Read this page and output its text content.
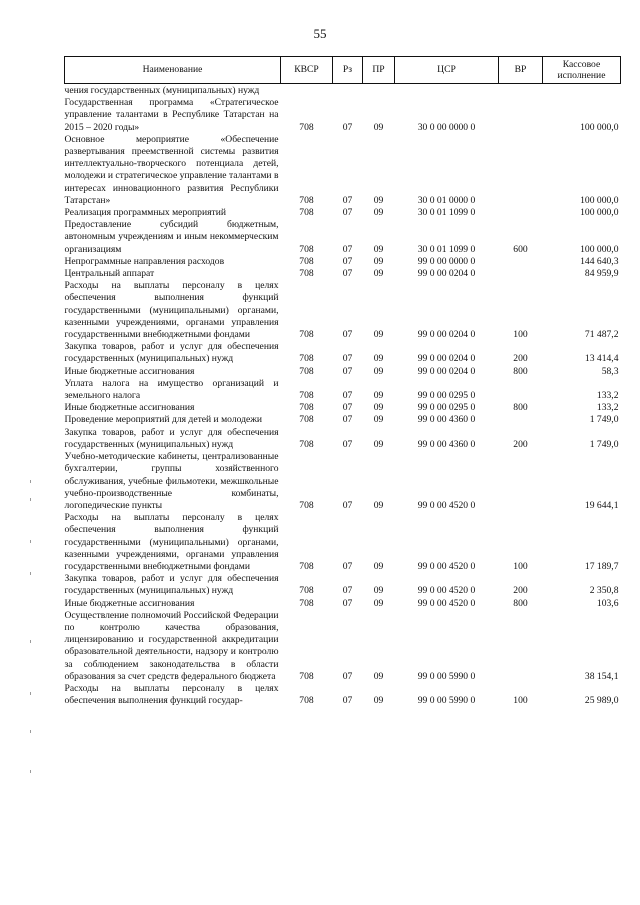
55
Наименование	КВСР	Рз	ПР	ЦСР	ВР	Кассовое исполнение
чения государственных (муниципальных) нужд						
Государственная программа «Стратегическое управление талантами в Республике Татарстан на 2015 – 2020 годы»	708	07	09	30 0 00 0000 0		100 000,0
Основное мероприятие «Обеспечение развертывания преемственной системы развития интеллектуально-творческого потенциала детей, молодежи и стратегическое управление талантами в интересах инновационного развития Республики Татарстан»	708	07	09	30 0 01 0000 0		100 000,0
Реализация программных мероприятий	708	07	09	30 0 01 1099 0		100 000,0
Предоставление субсидий бюджетным, автономным учреждениям и иным некоммерческим организациям	708	07	09	30 0 01 1099 0	600	100 000,0
Непрограммные направления расходов	708	07	09	99 0 00 0000 0		144 640,3
Центральный аппарат	708	07	09	99 0 00 0204 0		84 959,9
Расходы на выплаты персоналу в целях обеспечения выполнения функций государственными (муниципальными) органами, казенными учреждениями, органами управления государственными внебюджетными фондами	708	07	09	99 0 00 0204 0	100	71 487,2
Закупка товаров, работ и услуг для обеспечения государственных (муниципальных) нужд	708	07	09	99 0 00 0204 0	200	13 414,4
Иные бюджетные ассигнования	708	07	09	99 0 00 0204 0	800	58,3
Уплата налога на имущество организаций и земельного налога	708	07	09	99 0 00 0295 0		133,2
Иные бюджетные ассигнования	708	07	09	99 0 00 0295 0	800	133,2
Проведение мероприятий для детей и молодежи	708	07	09	99 0 00 4360 0		1 749,0
Закупка товаров, работ и услуг для обеспечения государственных (муниципальных) нужд	708	07	09	99 0 00 4360 0	200	1 749,0
Учебно-методические кабинеты, централизованные бухгалтерии, группы хозяйственного обслуживания, учебные фильмотеки, межшкольные учебно-производственные комбинаты, логопедические пункты	708	07	09	99 0 00 4520 0		19 644,1
Расходы на выплаты персоналу в целях обеспечения выполнения функций государственными (муниципальными) органами, казенными учреждениями, органами управления государственными внебюджетными фондами	708	07	09	99 0 00 4520 0	100	17 189,7
Закупка товаров, работ и услуг для обеспечения государственных (муниципальных) нужд	708	07	09	99 0 00 4520 0	200	2 350,8
Иные бюджетные ассигнования	708	07	09	99 0 00 4520 0	800	103,6
Осуществление полномочий Российской Федерации по контролю качества образования, лицензированию и государственной аккредитации образовательной деятельности, надзору и контролю за соблюдением законодательства в области образования за счет средств федерального бюджета	708	07	09	99 0 00 5990 0		38 154,1
Расходы на выплаты персоналу в целях обеспечения выполнения функций государ-	708	07	09	99 0 00 5990 0	100	25 989,0
